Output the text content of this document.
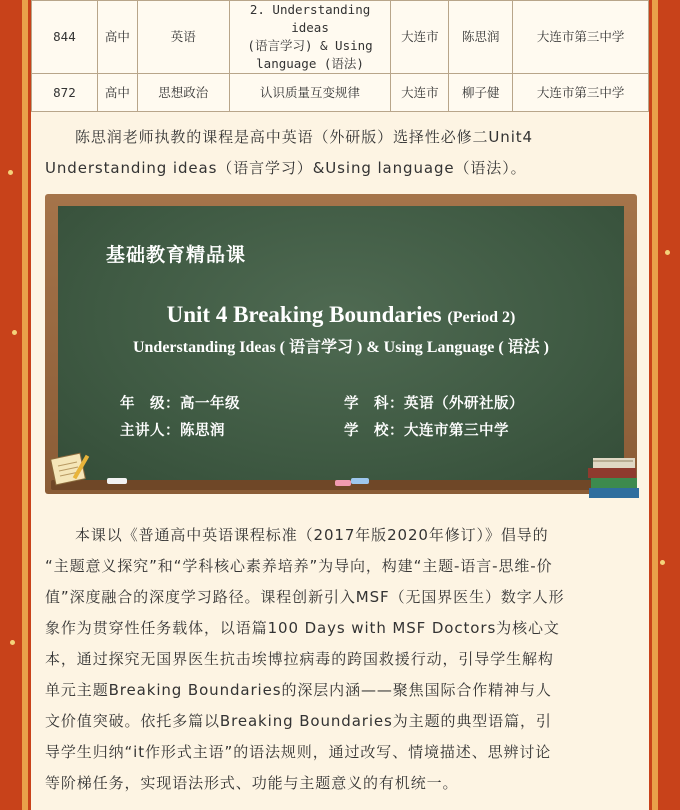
844	高中	英语	2. Understanding ideas
(语言学习) & Using
language (语法)	大连市	陈思润	大连市第三中学
872	高中	思想政治	认识质量互变规律	大连市	柳子健	大连市第三中学
陈思润老师执教的课程是高中英语（外研版）选择性必修二Unit4
Understanding ideas（语言学习）&Using language（语法）。
基础教育精品课
Unit 4 Breaking Boundaries (Period 2)
Understanding Ideas ( 语言学习 ) & Using Language ( 语法 )
年　级：高一年级	学　科：英语（外研社版）
主讲人：陈思润	学　校：大连市第三中学
本课以《普通高中英语课程标准（2017年版2020年修订）》倡导的
“主题意义探究”和“学科核心素养培养”为导向，构建“主题-语言-思维-价
值”深度融合的深度学习路径。课程创新引入MSF（无国界医生）数字人形
象作为贯穿性任务载体，以语篇100 Days with MSF Doctors为核心文
本，通过探究无国界医生抗击埃博拉病毒的跨国救援行动，引导学生解构
单元主题Breaking Boundaries的深层内涵——聚焦国际合作精神与人
文价值突破。依托多篇以Breaking Boundaries为主题的典型语篇，引
导学生归纳“it作形式主语”的语法规则，通过改写、情境描述、思辨讨论
等阶梯任务，实现语法形式、功能与主题意义的有机统一。
